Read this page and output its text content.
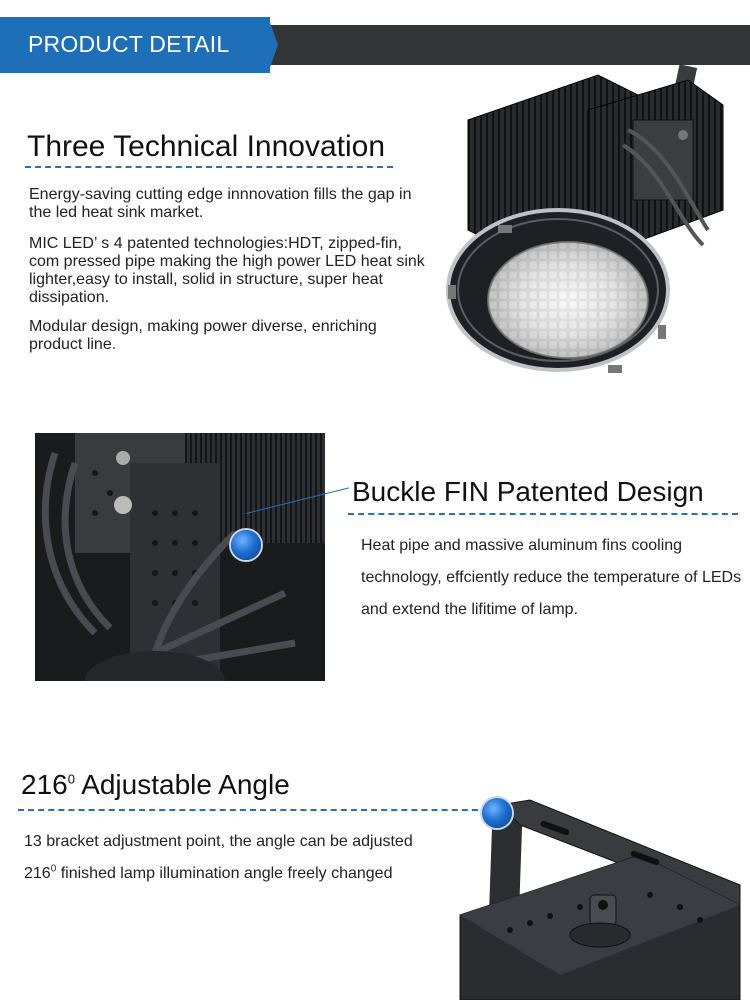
PRODUCT DETAIL
Three Technical Innovation

Energy-saving cutting edge innnovation fills the gap in the led heat sink market.

MIC LED’ s 4 patented technologies:HDT, zipped-fin, com pressed pipe making the high power LED heat sink lighter,easy to install, solid in structure, super heat dissipation.

Modular design, making power diverse, enriching product line.

Buckle FIN Patented Design

Heat pipe and massive aluminum fins cooling technology, effciently reduce the temperature of LEDs and extend the lifitime of lamp.

$216^0$ Adjustable Angle
13 bracket adjustment point, the angle can be adjusted
$216^0$ finished lamp illumination angle freely changed
